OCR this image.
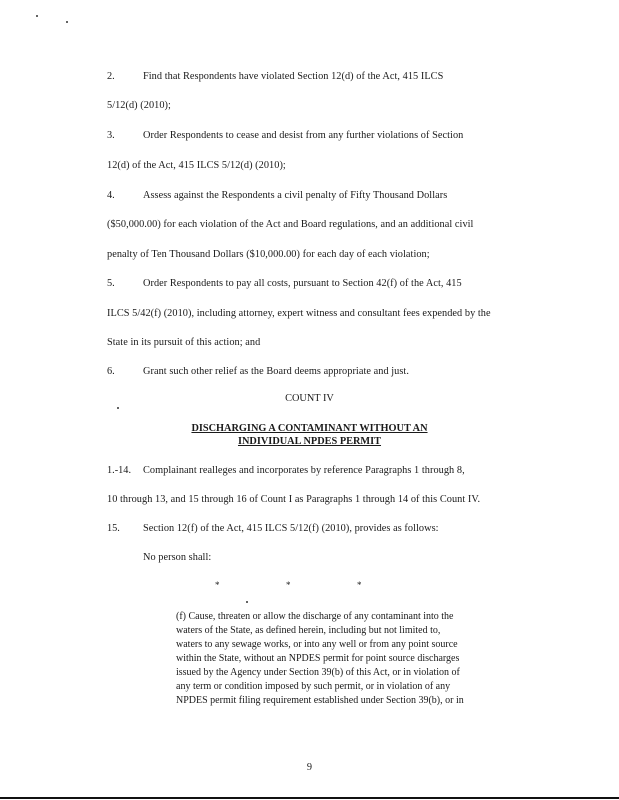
2.	Find that Respondents have violated Section 12(d) of the Act, 415 ILCS
5/12(d) (2010);
3.	Order Respondents to cease and desist from any further violations of Section
12(d) of the Act, 415 ILCS 5/12(d) (2010);
4.	Assess against the Respondents a civil penalty of Fifty Thousand Dollars
($50,000.00) for each violation of the Act and Board regulations, and an additional civil
penalty of Ten Thousand Dollars ($10,000.00) for each day of each violation;
5.	Order Respondents to pay all costs, pursuant to Section 42(f) of the Act, 415
ILCS 5/42(f) (2010), including attorney, expert witness and consultant fees expended by the
State in its pursuit of this action; and
6.	Grant such other relief as the Board deems appropriate and just.
COUNT IV
DISCHARGING A CONTAMINANT WITHOUT AN
INDIVIDUAL NPDES PERMIT
1.-14. Complainant realleges and incorporates by reference Paragraphs 1 through 8,
10 through 13, and 15 through 16 of Count I as Paragraphs 1 through 14 of this Count IV.
15. Section 12(f) of the Act, 415 ILCS 5/12(f) (2010), provides as follows:
No person shall:
*	*	*
(f) Cause, threaten or allow the discharge of any contaminant into the
waters of the State, as defined herein, including but not limited to,
waters to any sewage works, or into any well or from any point source
within the State, without an NPDES permit for point source discharges
issued by the Agency under Section 39(b) of this Act, or in violation of
any term or condition imposed by such permit, or in violation of any
NPDES permit filing requirement established under Section 39(b), or in
9
